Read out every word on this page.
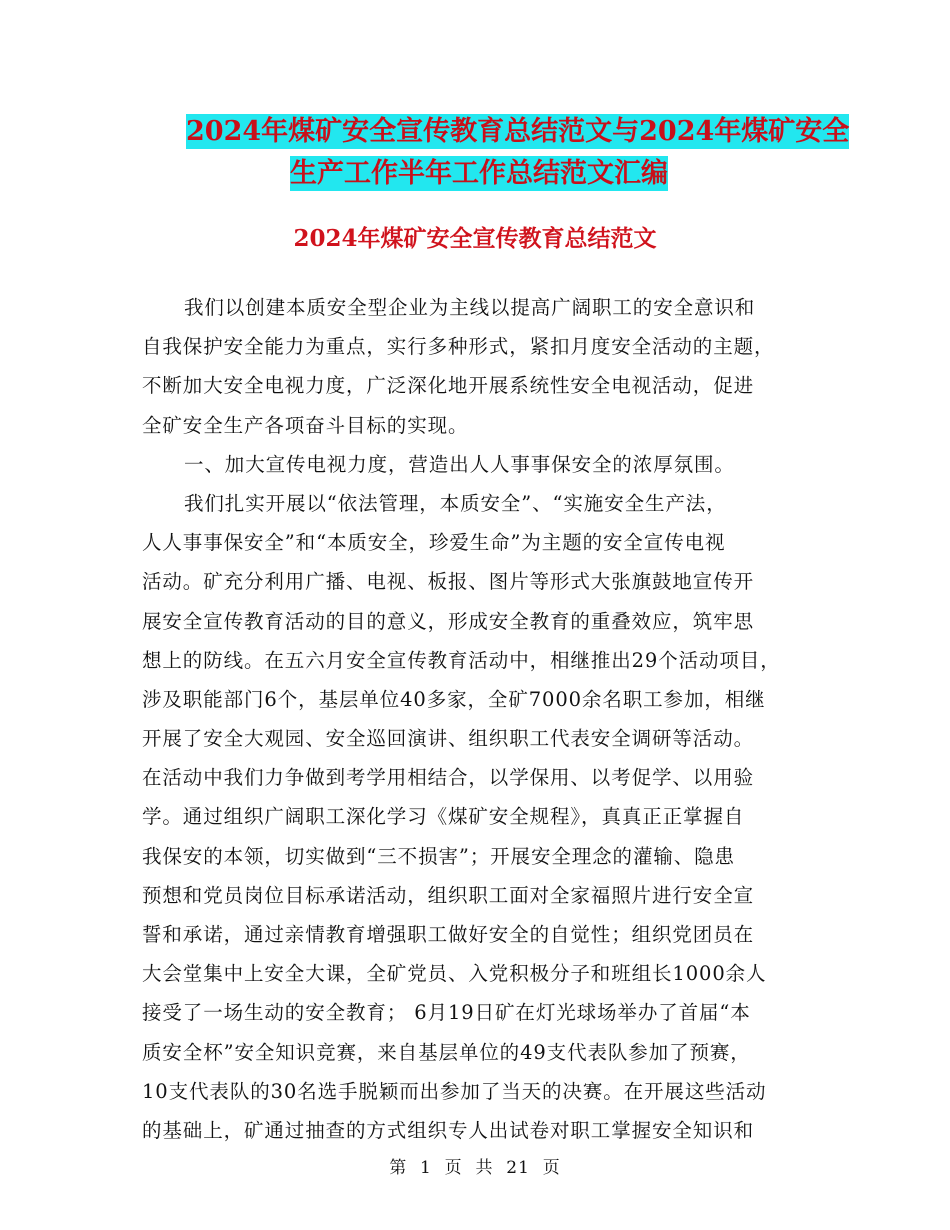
2024年煤矿安全宣传教育总结范文与2024年煤矿安全
生产工作半年工作总结范文汇编
2024年煤矿安全宣传教育总结范文
我们以创建本质安全型企业为主线以提高广阔职工的安全意识和
自我保护安全能力为重点，实行多种形式，紧扣月度安全活动的主题，
不断加大安全电视力度，广泛深化地开展系统性安全电视活动，促进
全矿安全生产各项奋斗目标的实现。
一、加大宣传电视力度，营造出人人事事保安全的浓厚氛围。
我们扎实开展以“依法管理，本质安全”、“实施安全生产法，
人人事事保安全”和“本质安全，珍爱生命”为主题的安全宣传电视
活动。矿充分利用广播、电视、板报、图片等形式大张旗鼓地宣传开
展安全宣传教育活动的目的意义，形成安全教育的重叠效应，筑牢思
想上的防线。在五六月安全宣传教育活动中，相继推出29个活动项目，
涉及职能部门6个，基层单位40多家，全矿7000余名职工参加，相继
开展了安全大观园、安全巡回演讲、组织职工代表安全调研等活动。
在活动中我们力争做到考学用相结合，以学保用、以考促学、以用验
学。通过组织广阔职工深化学习《煤矿安全规程》，真真正正掌握自
我保安的本领，切实做到“三不损害”；开展安全理念的灌输、隐患
预想和党员岗位目标承诺活动，组织职工面对全家福照片进行安全宣
誓和承诺，通过亲情教育增强职工做好安全的自觉性；组织党团员在
大会堂集中上安全大课，全矿党员、入党积极分子和班组长1000余人
接受了一场生动的安全教育； 6月19日矿在灯光球场举办了首届“本
质安全杯”安全知识竞赛，来自基层单位的49支代表队参加了预赛，
10支代表队的30名选手脱颖而出参加了当天的决赛。在开展这些活动
的基础上，矿通过抽查的方式组织专人出试卷对职工掌握安全知识和
第  1  页  共  21  页
